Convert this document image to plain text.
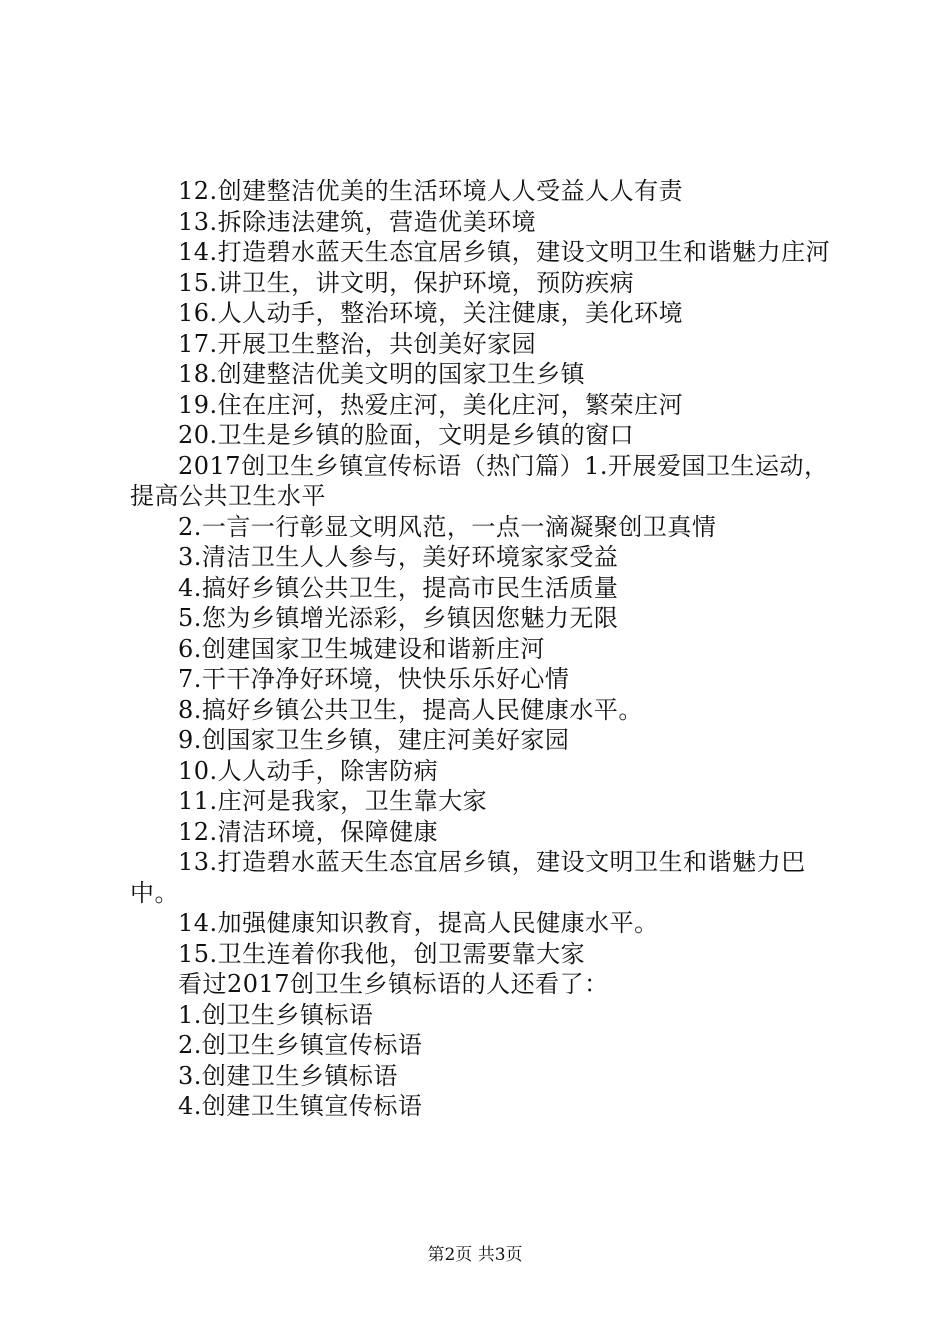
12.创建整洁优美的生活环境人人受益人人有责

13.拆除违法建筑，营造优美环境

14.打造碧水蓝天生态宜居乡镇，建设文明卫生和谐魅力庄河

15.讲卫生，讲文明，保护环境，预防疾病

16.人人动手，整治环境，关注健康，美化环境

17.开展卫生整治，共创美好家园

18.创建整洁优美文明的国家卫生乡镇

19.住在庄河，热爱庄河，美化庄河，繁荣庄河

20.卫生是乡镇的脸面，文明是乡镇的窗口

2017创卫生乡镇宣传标语（热门篇）1.开展爱国卫生运动，提高公共卫生水平

2.一言一行彰显文明风范，一点一滴凝聚创卫真情

3.清洁卫生人人参与，美好环境家家受益

4.搞好乡镇公共卫生，提高市民生活质量

5.您为乡镇增光添彩，乡镇因您魅力无限

6.创建国家卫生城建设和谐新庄河

7.干干净净好环境，快快乐乐好心情

8.搞好乡镇公共卫生，提高人民健康水平。

9.创国家卫生乡镇，建庄河美好家园

10.人人动手，除害防病

11.庄河是我家，卫生靠大家

12.清洁环境，保障健康

13.打造碧水蓝天生态宜居乡镇，建设文明卫生和谐魅力巴中。

14.加强健康知识教育，提高人民健康水平。

15.卫生连着你我他，创卫需要靠大家

看过2017创卫生乡镇标语的人还看了：

1.创卫生乡镇标语

2.创卫生乡镇宣传标语

3.创建卫生乡镇标语

4.创建卫生镇宣传标语

第2页 共3页
